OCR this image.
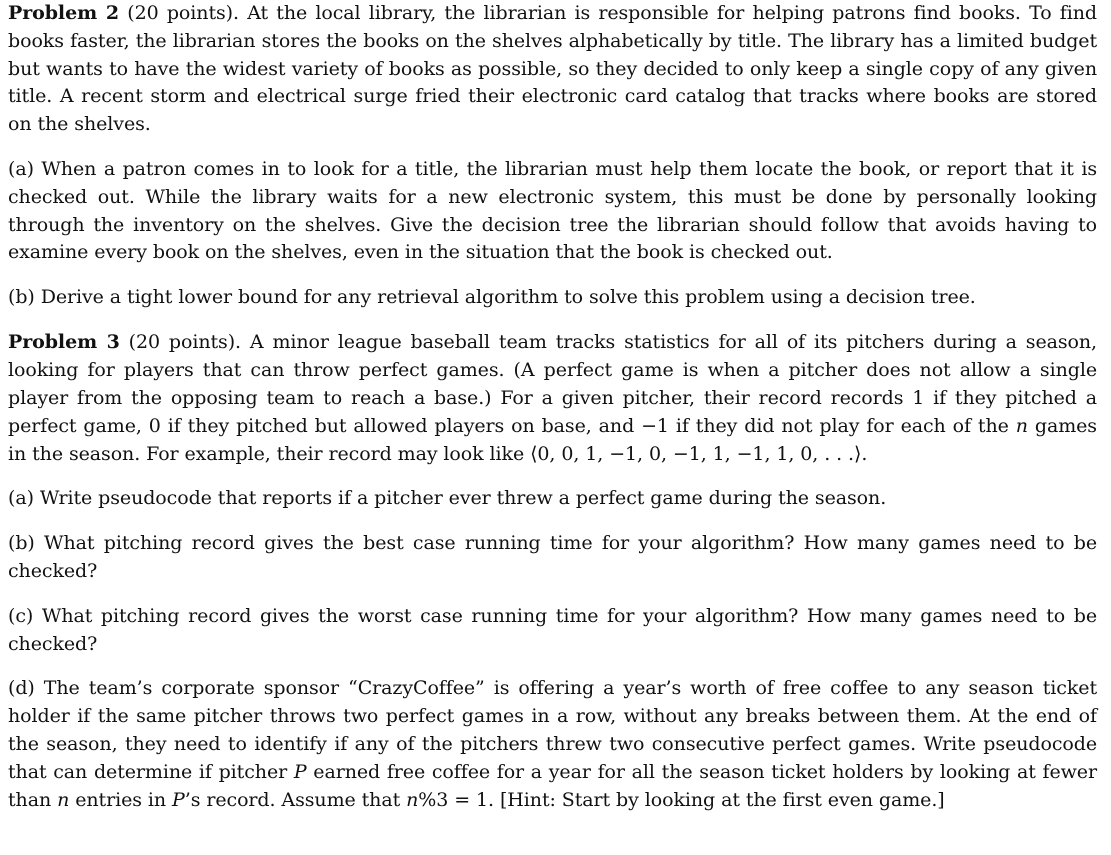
Problem 2 (20 points). At the local library, the librarian is responsible for helping patrons find books. To find books faster, the librarian stores the books on the shelves alphabetically by title. The library has a limited budget but wants to have the widest variety of books as possible, so they decided to only keep a single copy of any given title. A recent storm and electrical surge fried their electronic card catalog that tracks where books are stored on the shelves.

(a) When a patron comes in to look for a title, the librarian must help them locate the book, or report that it is checked out. While the library waits for a new electronic system, this must be done by personally looking through the inventory on the shelves. Give the decision tree the librarian should follow that avoids having to examine every book on the shelves, even in the situation that the book is checked out.

(b) Derive a tight lower bound for any retrieval algorithm to solve this problem using a decision tree.

Problem 3 (20 points). A minor league baseball team tracks statistics for all of its pitchers during a season, looking for players that can throw perfect games. (A perfect game is when a pitcher does not allow a single player from the opposing team to reach a base.) For a given pitcher, their record records 1 if they pitched a perfect game, 0 if they pitched but allowed players on base, and −1 if they did not play for each of the n games in the season. For example, their record may look like ⟨0, 0, 1, −1, 0, −1, 1, −1, 1, 0, . . .⟩.

(a) Write pseudocode that reports if a pitcher ever threw a perfect game during the season.

(b) What pitching record gives the best case running time for your algorithm? How many games need to be checked?

(c) What pitching record gives the worst case running time for your algorithm? How many games need to be checked?

(d) The team’s corporate sponsor “CrazyCoffee” is offering a year’s worth of free coffee to any season ticket holder if the same pitcher throws two perfect games in a row, without any breaks between them. At the end of the season, they need to identify if any of the pitchers threw two consecutive perfect games. Write pseudocode that can determine if pitcher P earned free coffee for a year for all the season ticket holders by looking at fewer than n entries in P’s record. Assume that n%3 = 1. [Hint: Start by looking at the first even game.]
